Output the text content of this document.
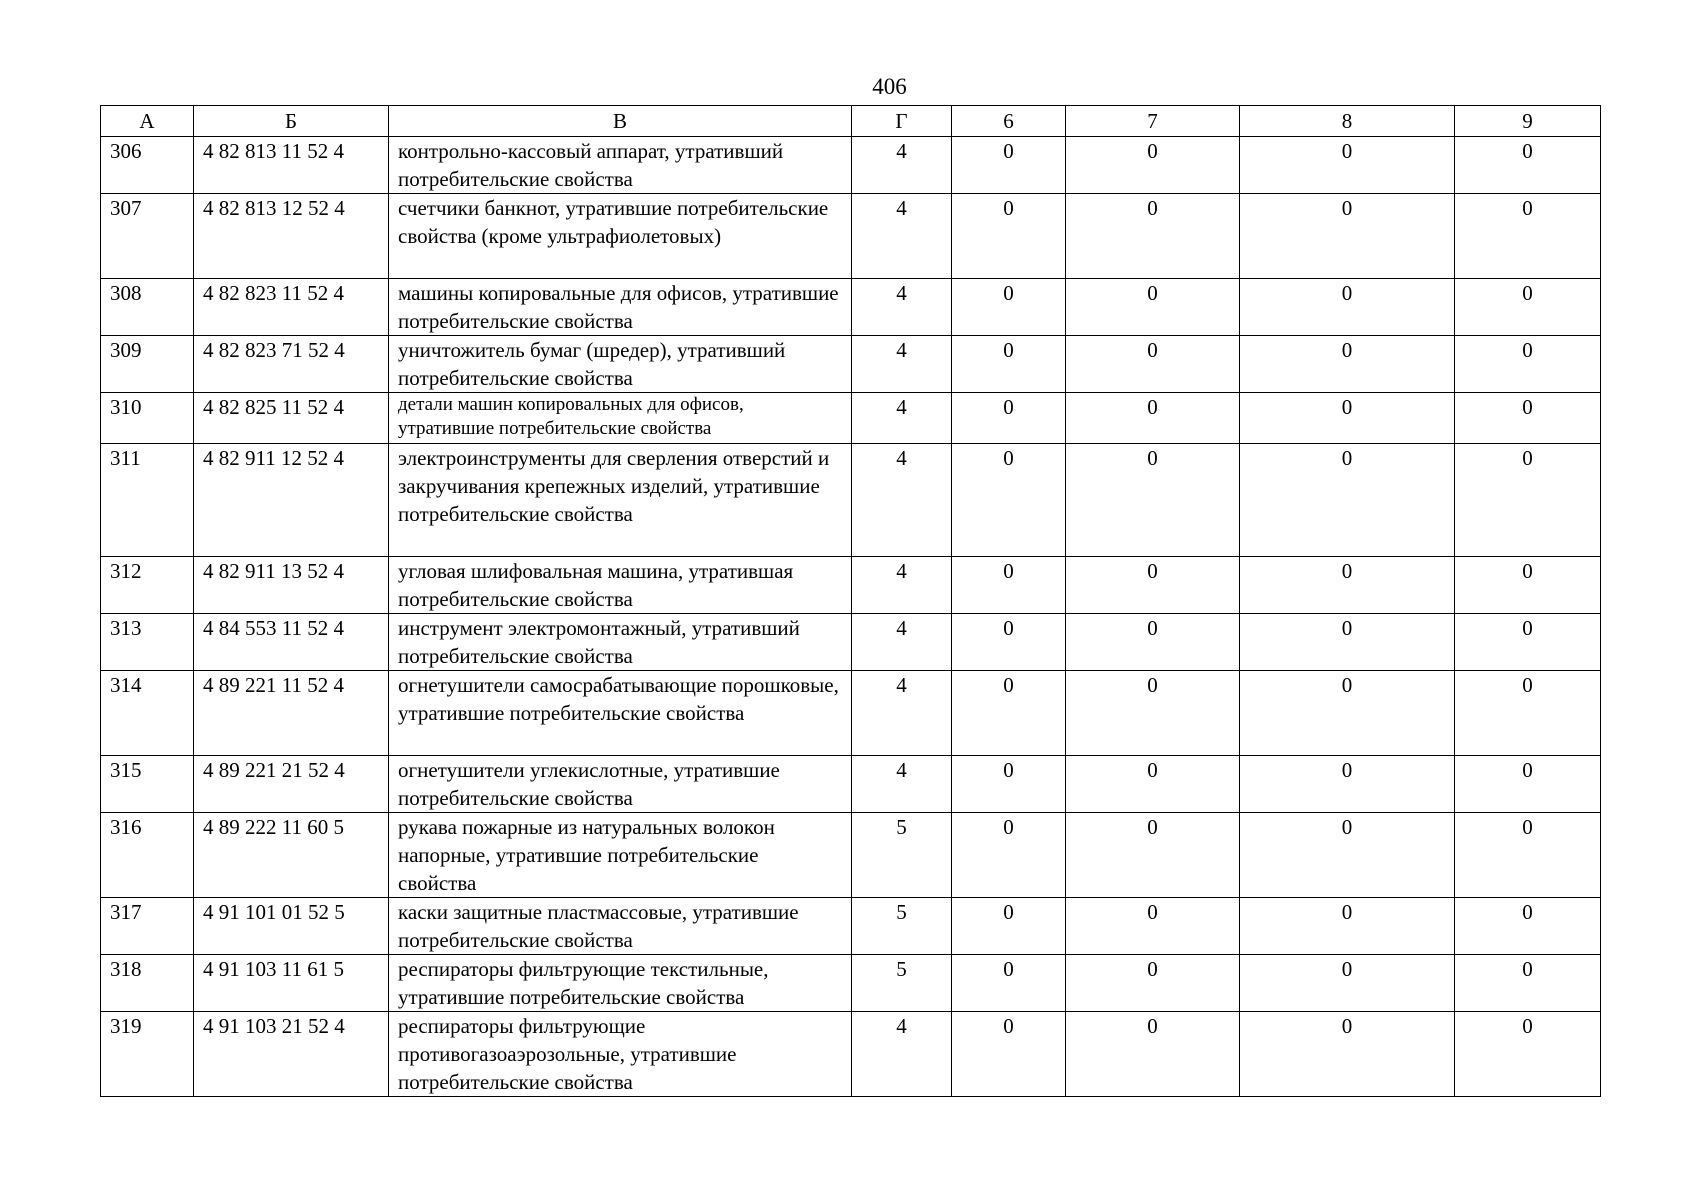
406
А	Б	В	Г	6	7	8	9
306	4 82 813 11 52 4	контрольно-кассовый аппарат, утративший потребительские свойства	4	0	0	0	0
307	4 82 813 12 52 4	счетчики банкнот, утратившие потребительские свойства (кроме ультрафиолетовых)	4	0	0	0	0
308	4 82 823 11 52 4	машины копировальные для офисов, утратившие потребительские свойства	4	0	0	0	0
309	4 82 823 71 52 4	уничтожитель бумаг (шредер), утративший потребительские свойства	4	0	0	0	0
310	4 82 825 11 52 4	детали машин копировальных для офисов, утратившие потребительские свойства	4	0	0	0	0
311	4 82 911 12 52 4	электроинструменты для сверления отверстий и закручивания крепежных изделий, утратившие потребительские свойства	4	0	0	0	0
312	4 82 911 13 52 4	угловая шлифовальная машина, утратившая потребительские свойства	4	0	0	0	0
313	4 84 553 11 52 4	инструмент электромонтажный, утративший потребительские свойства	4	0	0	0	0
314	4 89 221 11 52 4	огнетушители самосрабатывающие порошковые, утратившие потребительские свойства	4	0	0	0	0
315	4 89 221 21 52 4	огнетушители углекислотные, утратившие потребительские свойства	4	0	0	0	0
316	4 89 222 11 60 5	рукава пожарные из натуральных волокон напорные, утратившие потребительские свойства	5	0	0	0	0
317	4 91 101 01 52 5	каски защитные пластмассовые, утратившие потребительские свойства	5	0	0	0	0
318	4 91 103 11 61 5	респираторы фильтрующие текстильные, утратившие потребительские свойства	5	0	0	0	0
319	4 91 103 21 52 4	респираторы фильтрующие противогазоаэрозольные, утратившие потребительские свойства	4	0	0	0	0
